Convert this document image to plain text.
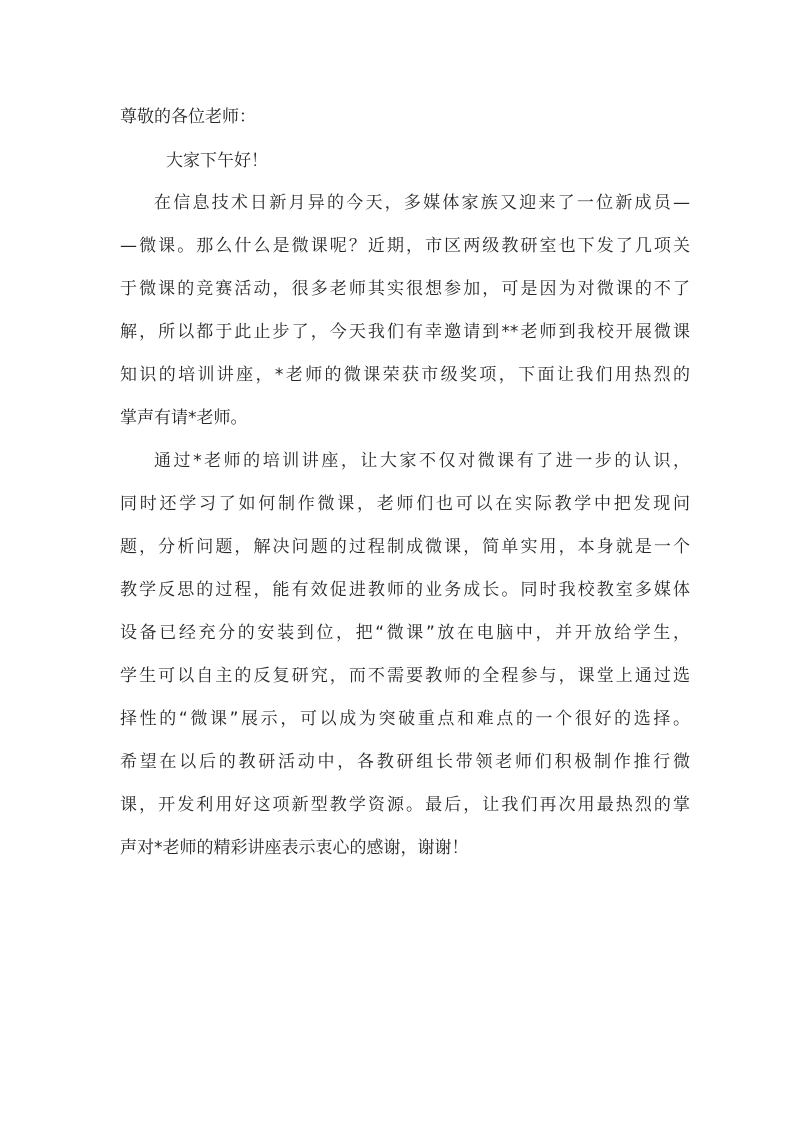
尊敬的各位老师：
大家下午好！
在信息技术日新月异的今天，多媒体家族又迎来了一位新成员—
—微课。那么什么是微课呢？近期，市区两级教研室也下发了几项关
于微课的竞赛活动，很多老师其实很想参加，可是因为对微课的不了
解，所以都于此止步了，今天我们有幸邀请到**老师到我校开展微课
知识的培训讲座，*老师的微课荣获市级奖项，下面让我们用热烈的
掌声有请*老师。
通过*老师的培训讲座，让大家不仅对微课有了进一步的认识，
同时还学习了如何制作微课，老师们也可以在实际教学中把发现问
题，分析问题，解决问题的过程制成微课，简单实用，本身就是一个
教学反思的过程，能有效促进教师的业务成长。同时我校教室多媒体
设备已经充分的安装到位，把“微课”放在电脑中，并开放给学生，
学生可以自主的反复研究，而不需要教师的全程参与，课堂上通过选
择性的“微课”展示，可以成为突破重点和难点的一个很好的选择。
希望在以后的教研活动中，各教研组长带领老师们积极制作推行微
课，开发利用好这项新型教学资源。最后，让我们再次用最热烈的掌
声对*老师的精彩讲座表示衷心的感谢，谢谢！
